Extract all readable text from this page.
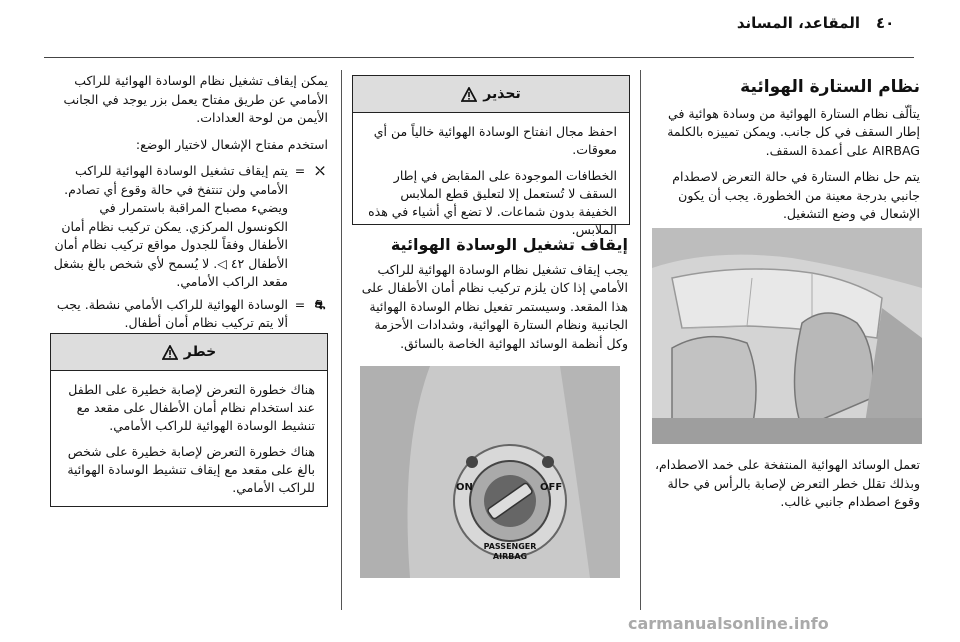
٤٠
المقاعد، المساند
نظام الستارة الهوائية

يتألّف نظام الستارة الهوائية من وسادة هوائية في إطار السقف في كل جانب. ويمكن تمييزه بالكلمة AIRBAG على أعمدة السقف.

يتم حل نظام الستارة في حالة التعرض لاصطدام جانبي بدرجة معينة من الخطورة. يجب أن يكون الإشعال في وضع التشغيل.

تعمل الوسائد الهوائية المنتفخة على خمد الاصطدام، وبذلك تقلل خطر التعرض لإصابة بالرأس في حالة وقوع اصطدام جانبي غالب.

تحذير

احفظ مجال انفتاح الوسادة الهوائية خالياً من أي معوقات.

الخطافات الموجودة على المقابض في إطار السقف لا تُستعمل إلا لتعليق قطع الملابس الخفيفة بدون شماعات. لا تضع أي أشياء في هذه الملابس.

إيقاف تشغيل الوسادة الهوائية

يجب إيقاف تشغيل نظام الوسادة الهوائية للراكب الأمامي إذا كان يلزم تركيب نظام أمان الأطفال على هذا المقعد. وسيستمر تفعيل نظام الوسادة الهوائية الجانبية ونظام الستارة الهوائية، وشدادات الأحزمة وكل أنظمة الوسائد الهوائية الخاصة بالسائق.

ON	OFF
PASSENGER
AIRBAG

يمكن إيقاف تشغيل نظام الوسادة الهوائية للراكب الأمامي عن طريق مفتاح يعمل بزر يوجد في الجانب الأيمن من لوحة العدادات.

استخدم مفتاح الإشعال لاختيار الوضع:

⛌
=
يتم إيقاف تشغيل الوسادة الهوائية للراكب الأمامي ولن تنتفخ في حالة وقوع أي تصادم. ويضيء مصباح المراقبة باستمرار في الكونسول المركزي. يمكن تركيب نظام أمان الأطفال وفقاً للجدول مواقع تركيب نظام أمان الأطفال ٤٢ ◁. لا يُسمح لأي شخص بالغ بشغل مقعد الراكب الأمامي.
⛐
=
الوسادة الهوائية للراكب الأمامي نشطة. يجب ألا يتم تركيب نظام أمان أطفال.
خطر

هناك خطورة التعرض لإصابة خطيرة على الطفل عند استخدام نظام أمان الأطفال على مقعد مع تنشيط الوسادة الهوائية للراكب الأمامي.

هناك خطورة التعرض لإصابة خطيرة على شخص بالغ على مقعد مع إيقاف تنشيط الوسادة الهوائية للراكب الأمامي.

carmanualsonline.info
